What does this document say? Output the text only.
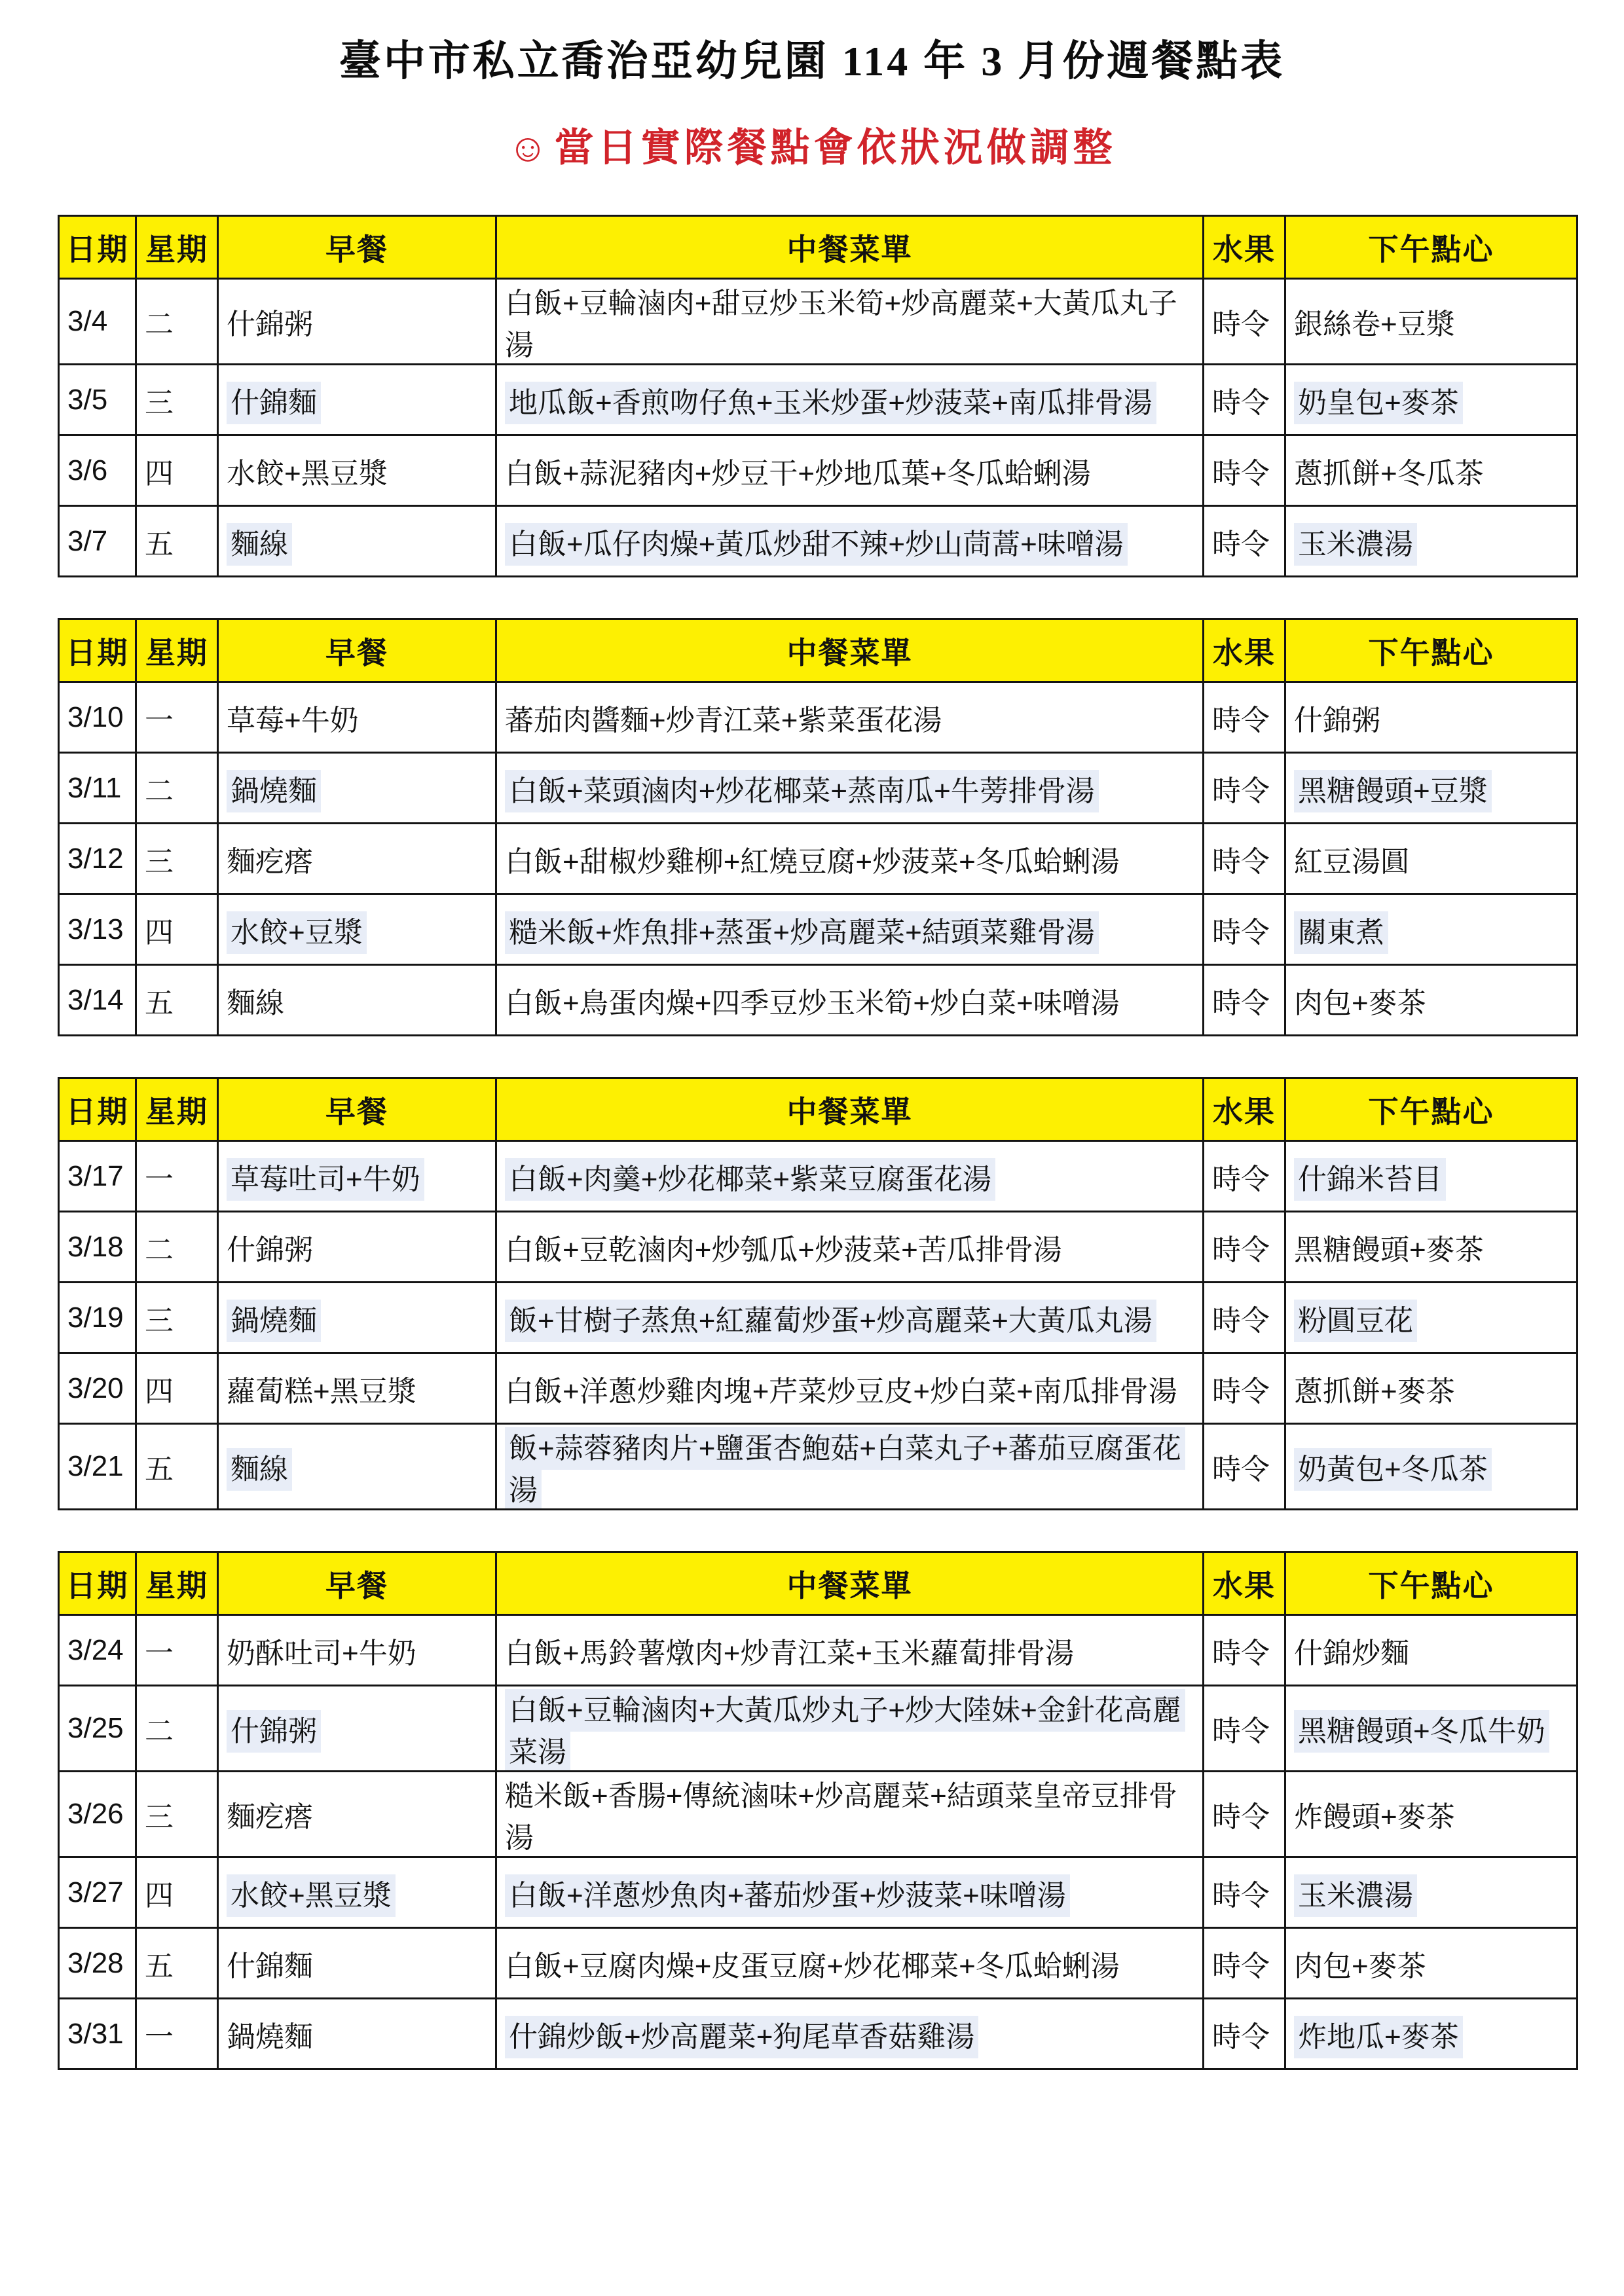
臺中市私立喬治亞幼兒園 114 年 3 月份週餐點表
☺當日實際餐點會依狀況做調整
日期	星期	早餐	中餐菜單	水果	下午點心
3/4	二	什錦粥	白飯+豆輪滷肉+甜豆炒玉米筍+炒高麗菜+大黃瓜丸子湯	時令	銀絲卷+豆漿
3/5	三	什錦麵	地瓜飯+香煎吻仔魚+玉米炒蛋+炒菠菜+南瓜排骨湯	時令	奶皇包+麥茶
3/6	四	水餃+黑豆漿	白飯+蒜泥豬肉+炒豆干+炒地瓜葉+冬瓜蛤蜊湯	時令	蔥抓餅+冬瓜茶
3/7	五	麵線	白飯+瓜仔肉燥+黃瓜炒甜不辣+炒山茼蒿+味噌湯	時令	玉米濃湯
日期	星期	早餐	中餐菜單	水果	下午點心
3/10	一	草莓+牛奶	蕃茄肉醬麵+炒青江菜+紫菜蛋花湯	時令	什錦粥
3/11	二	鍋燒麵	白飯+菜頭滷肉+炒花椰菜+蒸南瓜+牛蒡排骨湯	時令	黑糖饅頭+豆漿
3/12	三	麵疙瘩	白飯+甜椒炒雞柳+紅燒豆腐+炒菠菜+冬瓜蛤蜊湯	時令	紅豆湯圓
3/13	四	水餃+豆漿	糙米飯+炸魚排+蒸蛋+炒高麗菜+結頭菜雞骨湯	時令	關東煮
3/14	五	麵線	白飯+鳥蛋肉燥+四季豆炒玉米筍+炒白菜+味噌湯	時令	肉包+麥茶
日期	星期	早餐	中餐菜單	水果	下午點心
3/17	一	草莓吐司+牛奶	白飯+肉羹+炒花椰菜+紫菜豆腐蛋花湯	時令	什錦米苔目
3/18	二	什錦粥	白飯+豆乾滷肉+炒瓠瓜+炒菠菜+苦瓜排骨湯	時令	黑糖饅頭+麥茶
3/19	三	鍋燒麵	飯+甘樹子蒸魚+紅蘿蔔炒蛋+炒高麗菜+大黃瓜丸湯	時令	粉圓豆花
3/20	四	蘿蔔糕+黑豆漿	白飯+洋蔥炒雞肉塊+芹菜炒豆皮+炒白菜+南瓜排骨湯	時令	蔥抓餅+麥茶
3/21	五	麵線	飯+蒜蓉豬肉片+鹽蛋杏鮑菇+白菜丸子+蕃茄豆腐蛋花湯	時令	奶黃包+冬瓜茶
日期	星期	早餐	中餐菜單	水果	下午點心
3/24	一	奶酥吐司+牛奶	白飯+馬鈴薯燉肉+炒青江菜+玉米蘿蔔排骨湯	時令	什錦炒麵
3/25	二	什錦粥	白飯+豆輪滷肉+大黃瓜炒丸子+炒大陸妹+金針花高麗菜湯	時令	黑糖饅頭+冬瓜牛奶
3/26	三	麵疙瘩	糙米飯+香腸+傳統滷味+炒高麗菜+結頭菜皇帝豆排骨湯	時令	炸饅頭+麥茶
3/27	四	水餃+黑豆漿	白飯+洋蔥炒魚肉+蕃茄炒蛋+炒菠菜+味噌湯	時令	玉米濃湯
3/28	五	什錦麵	白飯+豆腐肉燥+皮蛋豆腐+炒花椰菜+冬瓜蛤蜊湯	時令	肉包+麥茶
3/31	一	鍋燒麵	什錦炒飯+炒高麗菜+狗尾草香菇雞湯	時令	炸地瓜+麥茶
